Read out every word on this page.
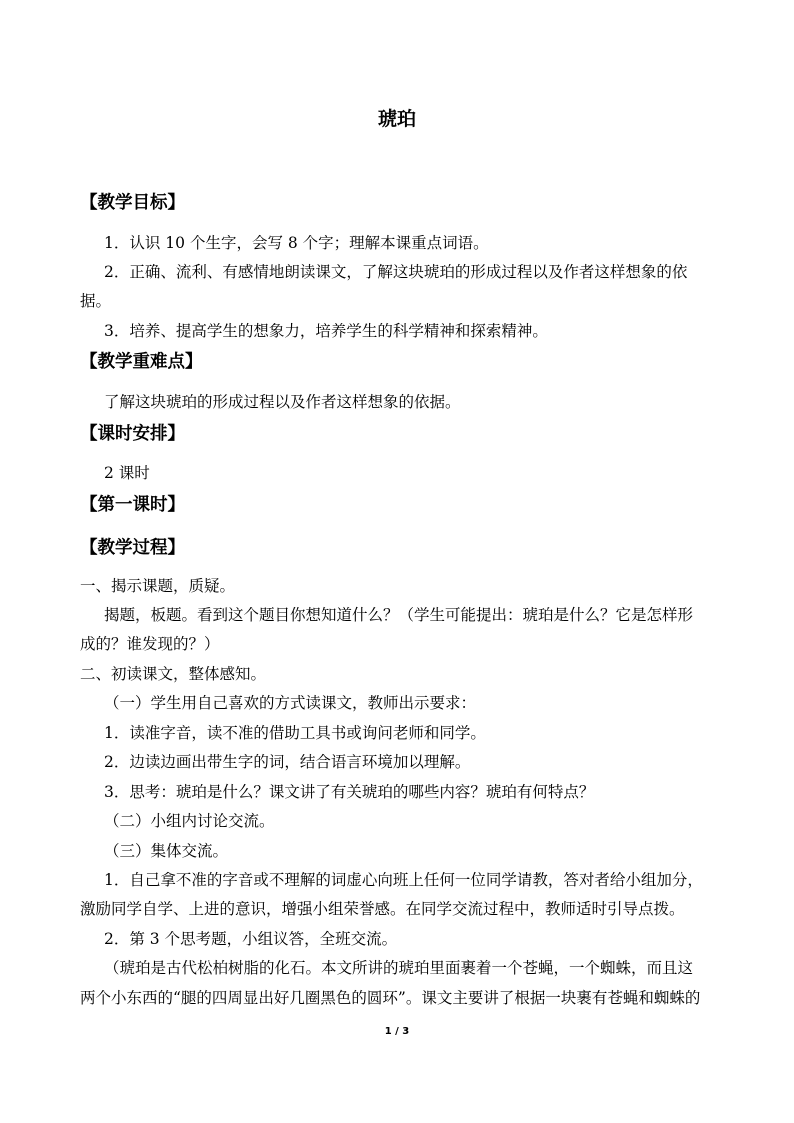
琥珀
【教学目标】
1．认识 10 个生字，会写 8 个字；理解本课重点词语。
2．正确、流利、有感情地朗读课文，了解这块琥珀的形成过程以及作者这样想象的依
据。
3．培养、提高学生的想象力，培养学生的科学精神和探索精神。
【教学重难点】
了解这块琥珀的形成过程以及作者这样想象的依据。
【课时安排】
2 课时
【第一课时】
【教学过程】
一、揭示课题，质疑。
揭题，板题。看到这个题目你想知道什么？（学生可能提出：琥珀是什么？它是怎样形
成的？谁发现的？）
二、初读课文，整体感知。
（一）学生用自己喜欢的方式读课文，教师出示要求：
1．读准字音，读不准的借助工具书或询问老师和同学。
2．边读边画出带生字的词，结合语言环境加以理解。
3．思考：琥珀是什么？课文讲了有关琥珀的哪些内容？琥珀有何特点？
（二）小组内讨论交流。
（三）集体交流。
1．自己拿不准的字音或不理解的词虚心向班上任何一位同学请教，答对者给小组加分，
激励同学自学、上进的意识，增强小组荣誉感。在同学交流过程中，教师适时引导点拨。
2．第 3 个思考题，小组议答，全班交流。
（琥珀是古代松柏树脂的化石。本文所讲的琥珀里面裹着一个苍蝇，一个蜘蛛，而且这
两个小东西的“腿的四周显出好几圈黑色的圆环”。课文主要讲了根据一块裹有苍蝇和蜘蛛的
1 / 3
